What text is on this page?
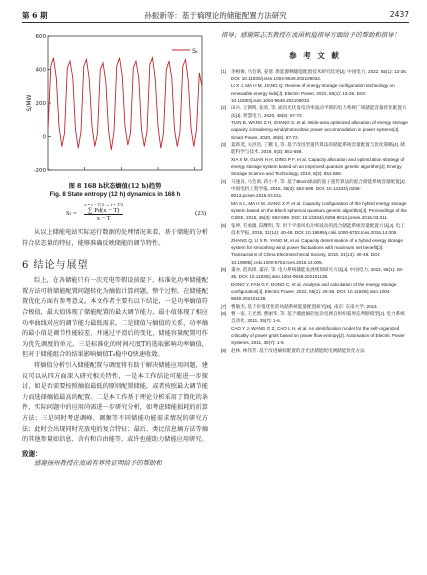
第 6 期	孙振新等：基于熵理论的储能配置方法研究	2437
-200
0
200
400
600
S/MW
Sₜ
图 8 168 h状态熵值(12 h)趋势
Fig. 8 State entropy (12 h) dynamics in 168 h
Sₜ =
x = t − T/2 → t + T/2
∑ Pd(x − T)
x − T
(23)

从以上储能电站实际运行数据的处理情况来看，基于储能的分析符合状态量的特征，能够准确反映储能的调节特性。

6 结论与展望

综上，在各储能只有一次充电等假设前提下，标准化功率储能配置方法可将储能配置问题转化为熵值计算问题。整个过程，在储能配置优化方面有参考意义。本文作者主要有以下结论，一是功率熵值符合极值，最大值体现了储能配置的最大调节能力，最小值体现了相应功率曲线对应的调节能力最低需求。二是储值与熵值的关系，功率熵的最小值是调节性能较差，并通过平滑后的变化，储能容量配置可作为优先调度的单元。三是标准化的时间尺度T的选取影响功率熵值，但对于储能组合的结果影响熵值T₀稳中Q快速收敛。

将熵值分析引入储能配置与调度将有助于解决储能应用问题，建议可以从四方面深入研究相关特性，一是本工作结论可能进一步探讨，如是否需要按照熵值最低的原则配置储能，或者按照最大调节能力而选择熵值最高的配置。二是本工作基于理论分析采用了简化的条件，实际问题中的应用尚需进一步研究分析，如考虑储能损耗的折算方法；三是同时考虑调峰、调频等不同储能功能需求情况的研究方法；此时会出现同时充放电的复合特征；最后，类比信息熵方法等熵的其他参量如信息、含有和自由能等，或许也能助力储能应用研究。

致谢：

感谢扬州教授在流函有界性证明给予的帮助和

指导；感谢陈志杰教授在流函机值指导方面给予的帮助和指导！

参 考 文 献
[1]	李相俊, 马会萌, 姜倩. 新能源侧储能配置技术研究综述[J]. 中国电力, 2022, 55(1): 13-25. DOI: 10.11930/j.issn.1004-9649.202109032.
LI X J, MA H M, JIANG Q. Review of energy storage configuration technology on renewable energy side[J]. Electric Power, 2022, 55(1): 13-25. DOI: 10.11930/j.issn.1004-9649.202109032.
[2]	田兵, 王钢鸣, 张勇, 等. 面向光伏发电功率波动平抑的电力系统广域储能容量优化配置方法[J]. 智慧电力, 2020, 48(6): 67-72.
TIAN B, WANG Z H, ZHANG S, et al. Wide-area optimized allocation of energy storage capacity considering wind/photovoltaic power accommodation in power systems[J]. Smart Power, 2020, 48(6): 67-72.
[3]	夏新茂, 关洪浩, 丁鹏飞, 等. 基于改进型遗传算法的储能系统容量配置与优化策略[J]. 储能科学与技术, 2019, 8(3): 551-558.
XIA X M, GUAN H H, DING P F, et al. Capacity allocation and optimization strategy of energy storage system based on an improved quantum genetic algorithm[J]. Energy Storage Science and Technology, 2019, 8(3): 551-558.
[4]	马速良, 马会萌, 蒋小平, 等. 基于Bloch球面的量子遗传算法的混合储能系统容量配置[J]. 中国电机工程学报, 2015, 35(3): 592-599. DOI: 10.13334/j.0258-8013.pcsee.2015.03.011.
MA S L, MA H M, JIANG X P, et al. Capacity configuration of the hybrid energy storage system based on the Bloch spherical quantum genetic algorithm[J]. Proceedings of the CSEE, 2015, 35(3): 592-599. DOI: 10.13334/j.0258-8013.pcsee.2015.03.011.
[5]	张坤, 毛承雄, 陆继明, 等. 用于平滑风电功率波动的混合储能系统容量配置方法[J]. 电工技术学报, 2016, 31(14): 40-48. DOI: 10.19595/j.cnki.1000-6753.tces.2016.14.005.
ZHANG Q, LI X R, YANG M, et al. Capacity determination of a hybrid energy storage system for smoothing wind power fluctuations with maximum net benefit[J]. Transactions of China Electrotechnical Society, 2016, 31(14): 40-48. DOI: 10.19595/j.cnki.1000-6753.tces.2016.14.005.
[6]	董亦, 范高锋, 董存, 等. 电力系统储能发展规划研究方法[J]. 中国电力, 2022, 55(1): 26-36. DOI: 10.11930/j.issn.1004-9649.202101138.
DONG Y, FAN G F, DONG C, et al. Analysis and calculation of the energy storage configuration[J]. Electric Power, 2022, 55(1): 26-36. DOI: 10.11930/j.issn.1004-9649.202101138.
[7]	曹敏杰, 基于价值优化的风储系统能量配置研究[D]. 南京: 东南大学, 2014.
[8]	曹一家, 王光增, 曹丽华, 等. 基于潮流熵的复杂电网自组织临界态判断模型[J]. 电力系统自动化, 2011, 35(7): 1-6.
CAO Y J, WANG G Z, CAO L H, et al. An identification model for the self-organized criticality of power grids based on power flow entropy[J]. Automation of Electric Power Systems, 2011, 35(7): 1-6.
[9]	赵林, 林伟芳. 基于改进熵权配置的含光伏储能配电网储能优化方法
